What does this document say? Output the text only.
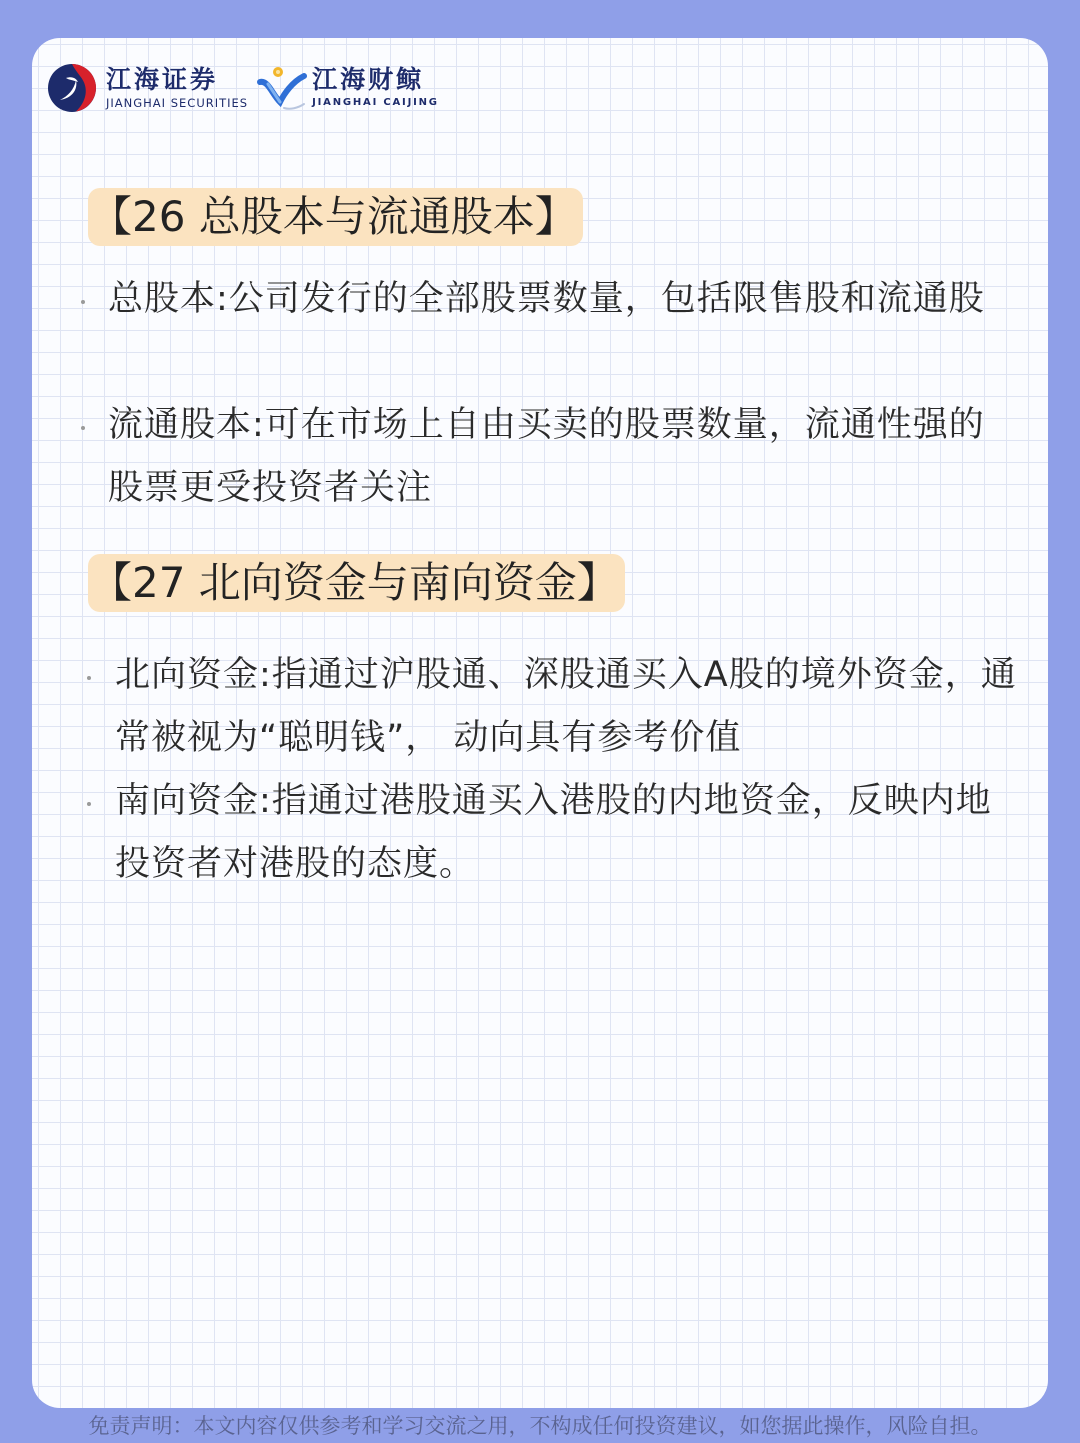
江海证券
JIANGHAI SECURITIES
江海财鲸
JIANGHAI CAIJING
【26 总股本与流通股本】
总股本:公司发行的全部股票数量，包括限售股和流通股
流通股本:可在市场上自由买卖的股票数量，流通性强的股票更受投资者关注
【27 北向资金与南向资金】
北向资金:指通过沪股通、深股通买入A股的境外资金，通常被视为“聪明钱”， 动向具有参考价值
南向资金:指通过港股通买入港股的内地资金，反映内地投资者对港股的态度。
免责声明：本文内容仅供参考和学习交流之用，不构成任何投资建议，如您据此操作，风险自担。
